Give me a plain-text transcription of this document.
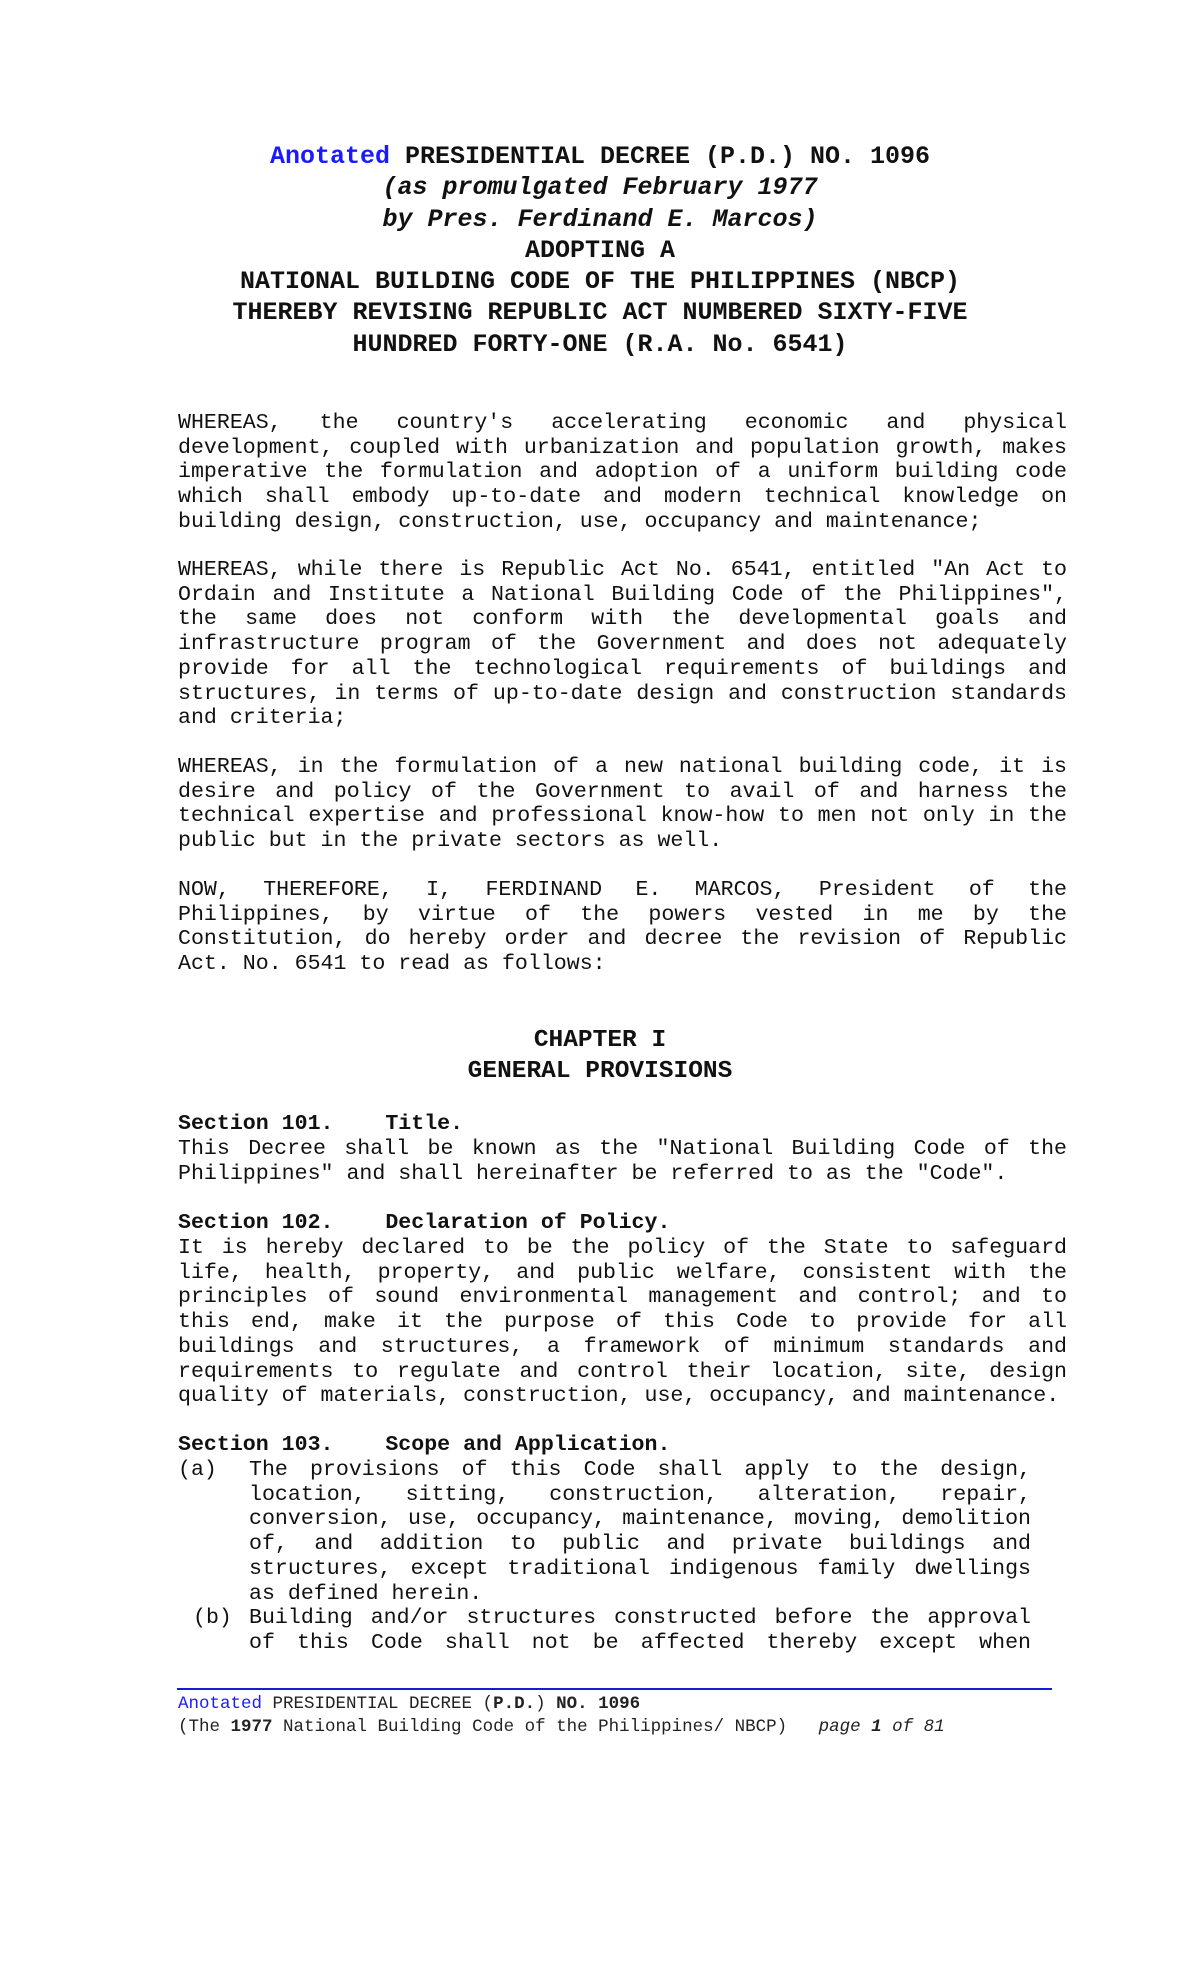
Anotated PRESIDENTIAL DECREE (P.D.) NO. 1096
(as promulgated February 1977
by Pres. Ferdinand E. Marcos)
ADOPTING A
NATIONAL BUILDING CODE OF THE PHILIPPINES (NBCP)
THEREBY REVISING REPUBLIC ACT NUMBERED SIXTY-FIVE
HUNDRED FORTY-ONE (R.A. No. 6541)

WHEREAS, the country's accelerating economic and physical development, coupled with urbanization and population growth, makes imperative the formulation and adoption of a uniform building code which shall embody up-to-date and modern technical knowledge on building design, construction, use, occupancy and maintenance;

WHEREAS, while there is Republic Act No. 6541, entitled "An Act to Ordain and Institute a National Building Code of the Philippines", the same does not conform with the developmental goals and infrastructure program of the Government and does not adequately provide for all the technological requirements of buildings and structures, in terms of up-to-date design and construction standards and criteria;

WHEREAS, in the formulation of a new national building code, it is desire and policy of the Government to avail of and harness the technical expertise and professional know-how to men not only in the public but in the private sectors as well.

NOW, THEREFORE, I, FERDINAND E. MARCOS, President of the Philippines, by virtue of the powers vested in me by the Constitution, do hereby order and decree the revision of Republic Act. No. 6541 to read as follows:

CHAPTER I
GENERAL PROVISIONS
Section 101.    Title.

This Decree shall be known as the "National Building Code of the Philippines" and shall hereinafter be referred to as the "Code".

Section 102.    Declaration of Policy.

It is hereby declared to be the policy of the State to safeguard life, health, property, and public welfare, consistent with the principles of sound environmental management and control; and to this end, make it the purpose of this Code to provide for all buildings and structures, a framework of minimum standards and requirements to regulate and control their location, site, design quality of materials, construction, use, occupancy, and maintenance.

Section 103.    Scope and Application.
(a) The provisions of this Code shall apply to the design, location, sitting, construction, alteration, repair, conversion, use, occupancy, maintenance, moving, demolition of, and addition to public and private buildings and structures, except traditional indigenous family dwellings as defined herein.
(b) Building and/or structures constructed before the approval of this Code shall not be affected thereby except when
Anotated PRESIDENTIAL DECREE (P.D.) NO. 1096
(The 1977 National Building Code of the Philippines/ NBCP)   page 1 of 81
